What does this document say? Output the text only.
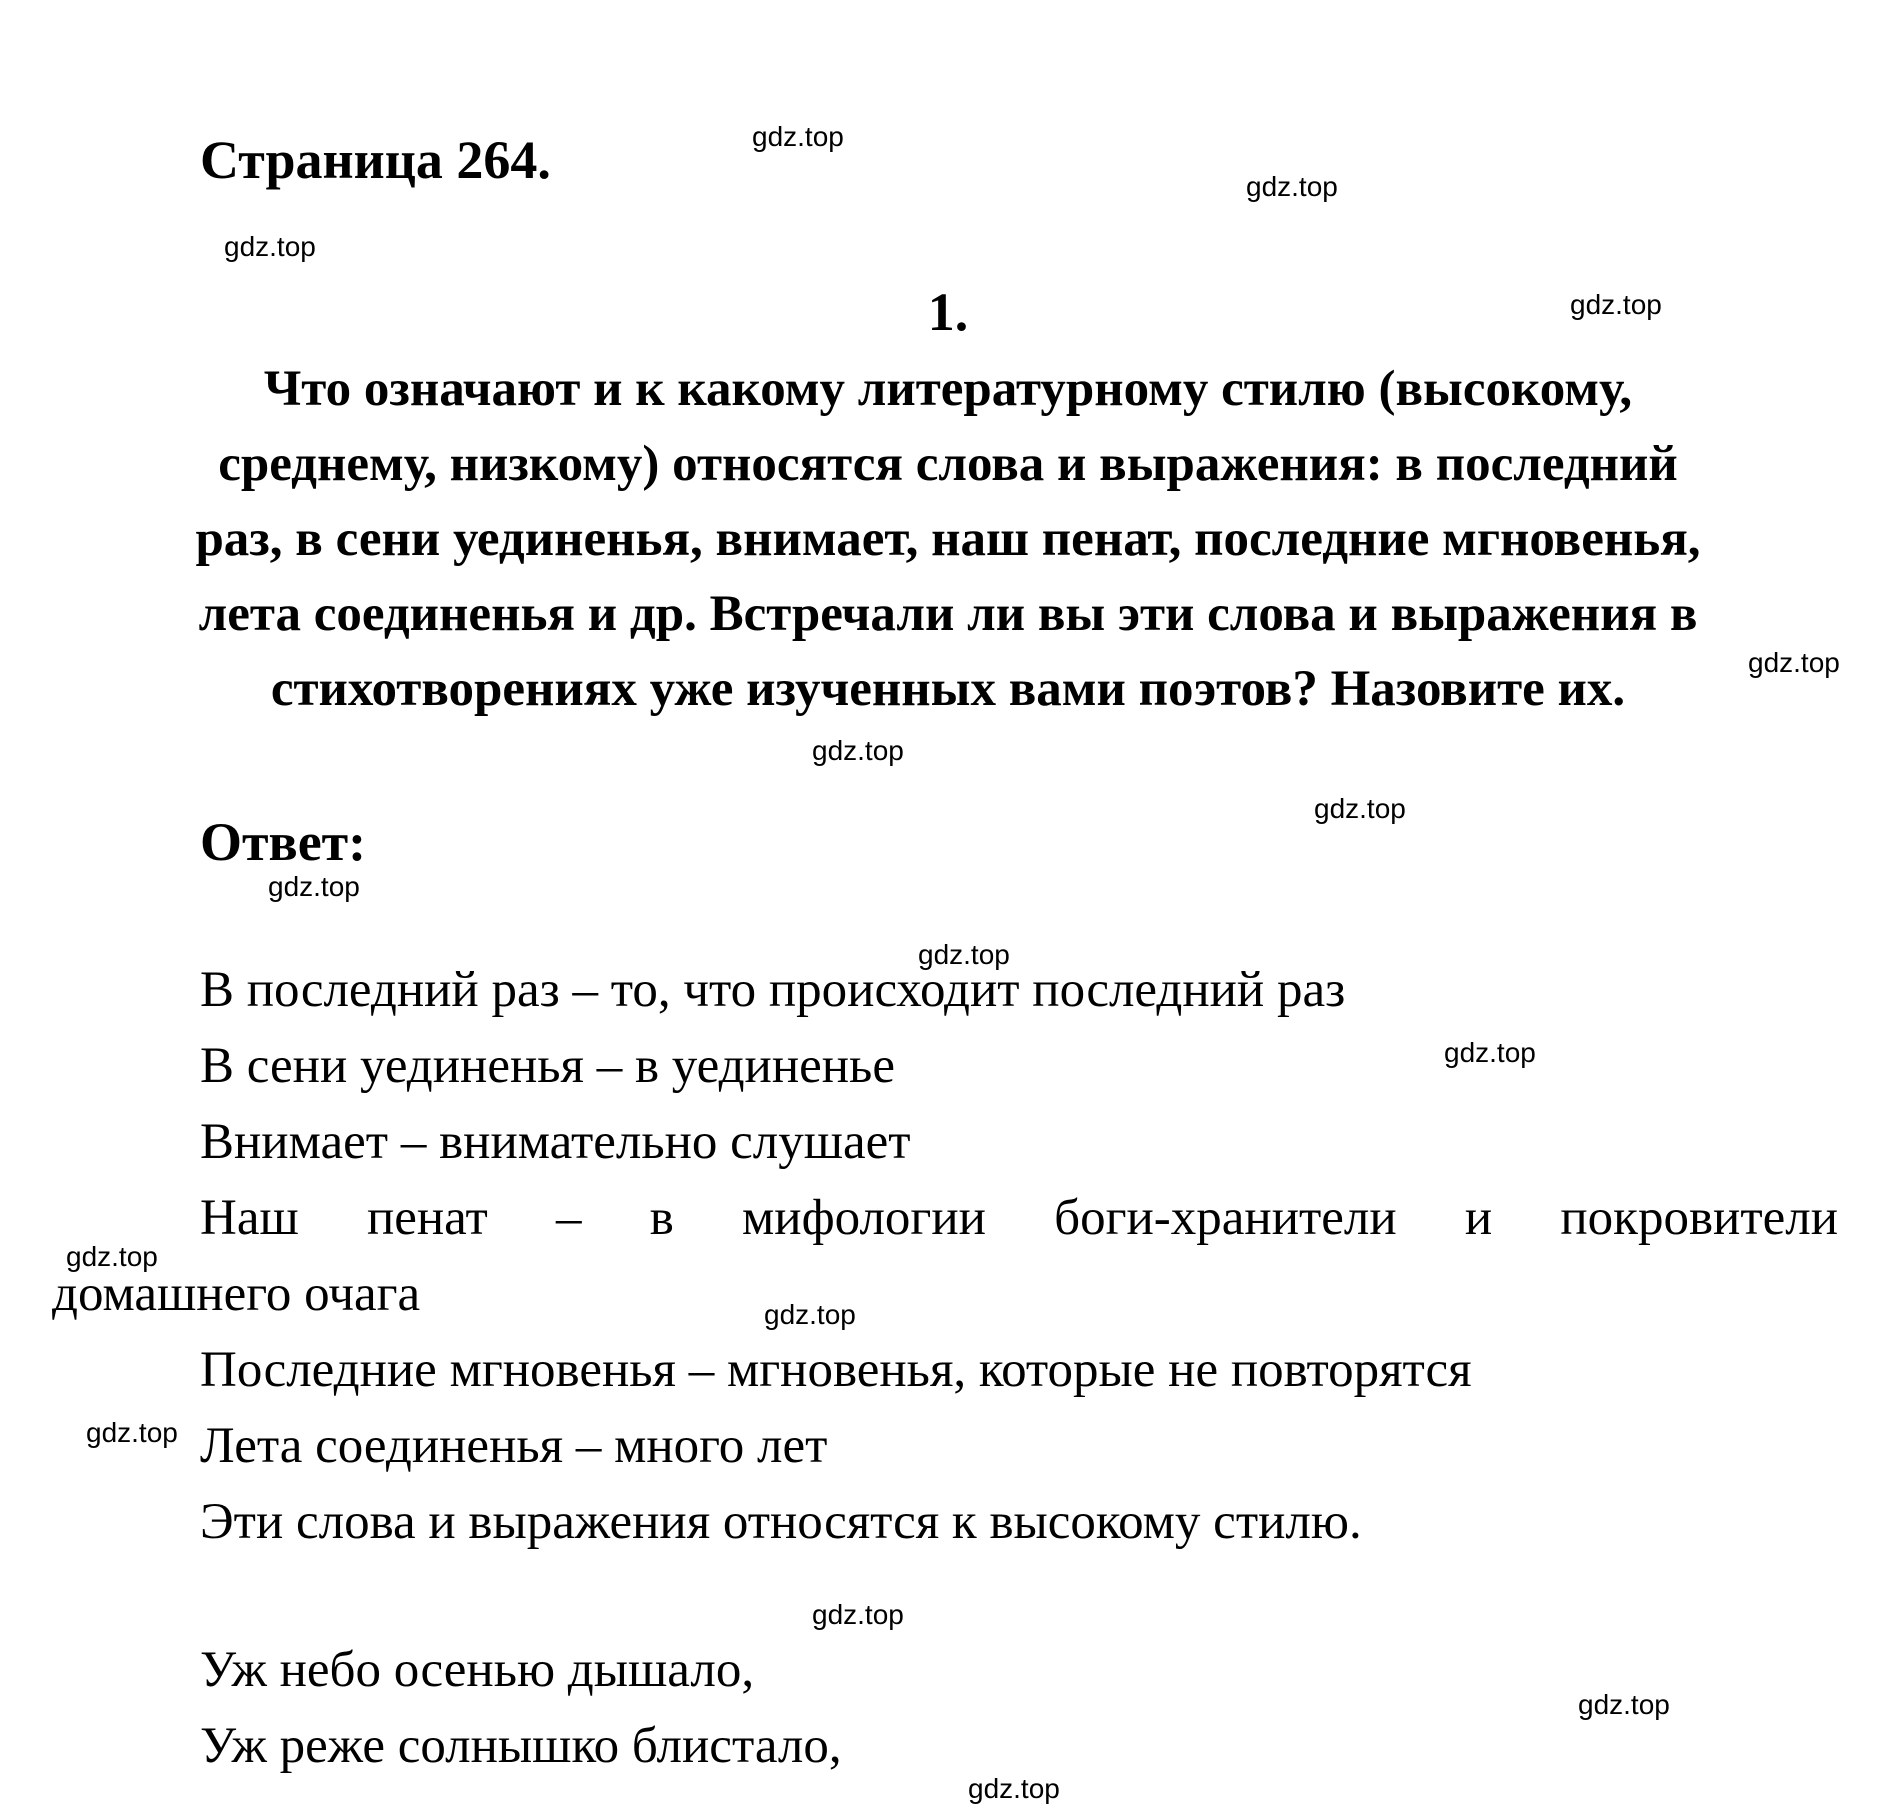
Страница 264.
1.
Что означают и к какому литературному стилю (высокому,
среднему, низкому) относятся слова и выражения: в последний
раз, в сени уединенья, внимает, наш пенат, последние мгновенья,
лета соединенья и др. Встречали ли вы эти слова и выражения в
стихотворениях уже изученных вами поэтов? Назовите их.
Ответ:
В последний раз – то, что происходит последний раз
В сени уединенья – в уединенье
Внимает – внимательно слушает
Наш пенат – в мифологии боги-хранители и покровители
домашнего очага
Последние мгновенья – мгновенья, которые не повторятся
Лета соединенья – много лет
Эти слова и выражения относятся к высокому стилю.
Уж небо осенью дышало,
Уж реже солнышко блистало,
gdz.top
gdz.top
gdz.top
gdz.top
gdz.top
gdz.top
gdz.top
gdz.top
gdz.top
gdz.top
gdz.top
gdz.top
gdz.top
gdz.top
gdz.top
gdz.top
